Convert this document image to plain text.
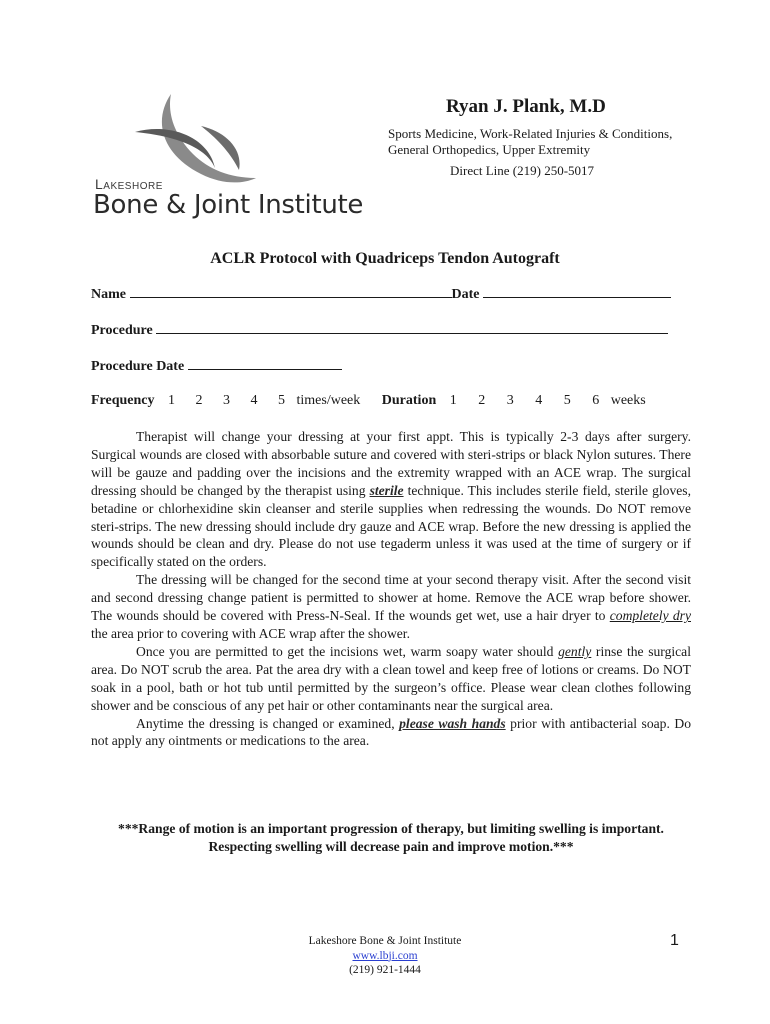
Lakeshore
Bone & Joint Institute
Ryan J. Plank, M.D
Sports Medicine, Work-Related Injuries & Conditions,
General Orthopedics, Upper Extremity
Direct Line (219) 250-5017
ACLR Protocol with Quadriceps Tendon Autograft
Name	Date
Procedure
Procedure Date
Frequency 1 2 3 4 5 times/week Duration 1 2 3 4 5 6 weeks

Therapist will change your dressing at your first appt. This is typically 2-3 days after surgery. Surgical wounds are closed with absorbable suture and covered with steri-strips or black Nylon sutures. There will be gauze and padding over the incisions and the extremity wrapped with an ACE wrap. The surgical dressing should be changed by the therapist using sterile technique. This includes sterile field, sterile gloves, betadine or chlorhexidine skin cleanser and sterile supplies when redressing the wounds. Do NOT remove steri-strips. The new dressing should include dry gauze and ACE wrap. Before the new dressing is applied the wounds should be clean and dry. Please do not use tegaderm unless it was used at the time of surgery or if specifically stated on the orders.

The dressing will be changed for the second time at your second therapy visit. After the second visit and second dressing change patient is permitted to shower at home. Remove the ACE wrap before shower. The wounds should be covered with Press-N-Seal. If the wounds get wet, use a hair dryer to completely dry the area prior to covering with ACE wrap after the shower.

Once you are permitted to get the incisions wet, warm soapy water should gently rinse the surgical area. Do NOT scrub the area. Pat the area dry with a clean towel and keep free of lotions or creams. Do NOT soak in a pool, bath or hot tub until permitted by the surgeon’s office. Please wear clean clothes following shower and be conscious of any pet hair or other contaminants near the surgical area.

Anytime the dressing is changed or examined, please wash hands prior with antibacterial soap. Do not apply any ointments or medications to the area.

***Range of motion is an important progression of therapy, but limiting swelling is important. Respecting swelling will decrease pain and improve motion.***
Lakeshore Bone & Joint Institute
www.lbji.com
(219) 921-1444
1
